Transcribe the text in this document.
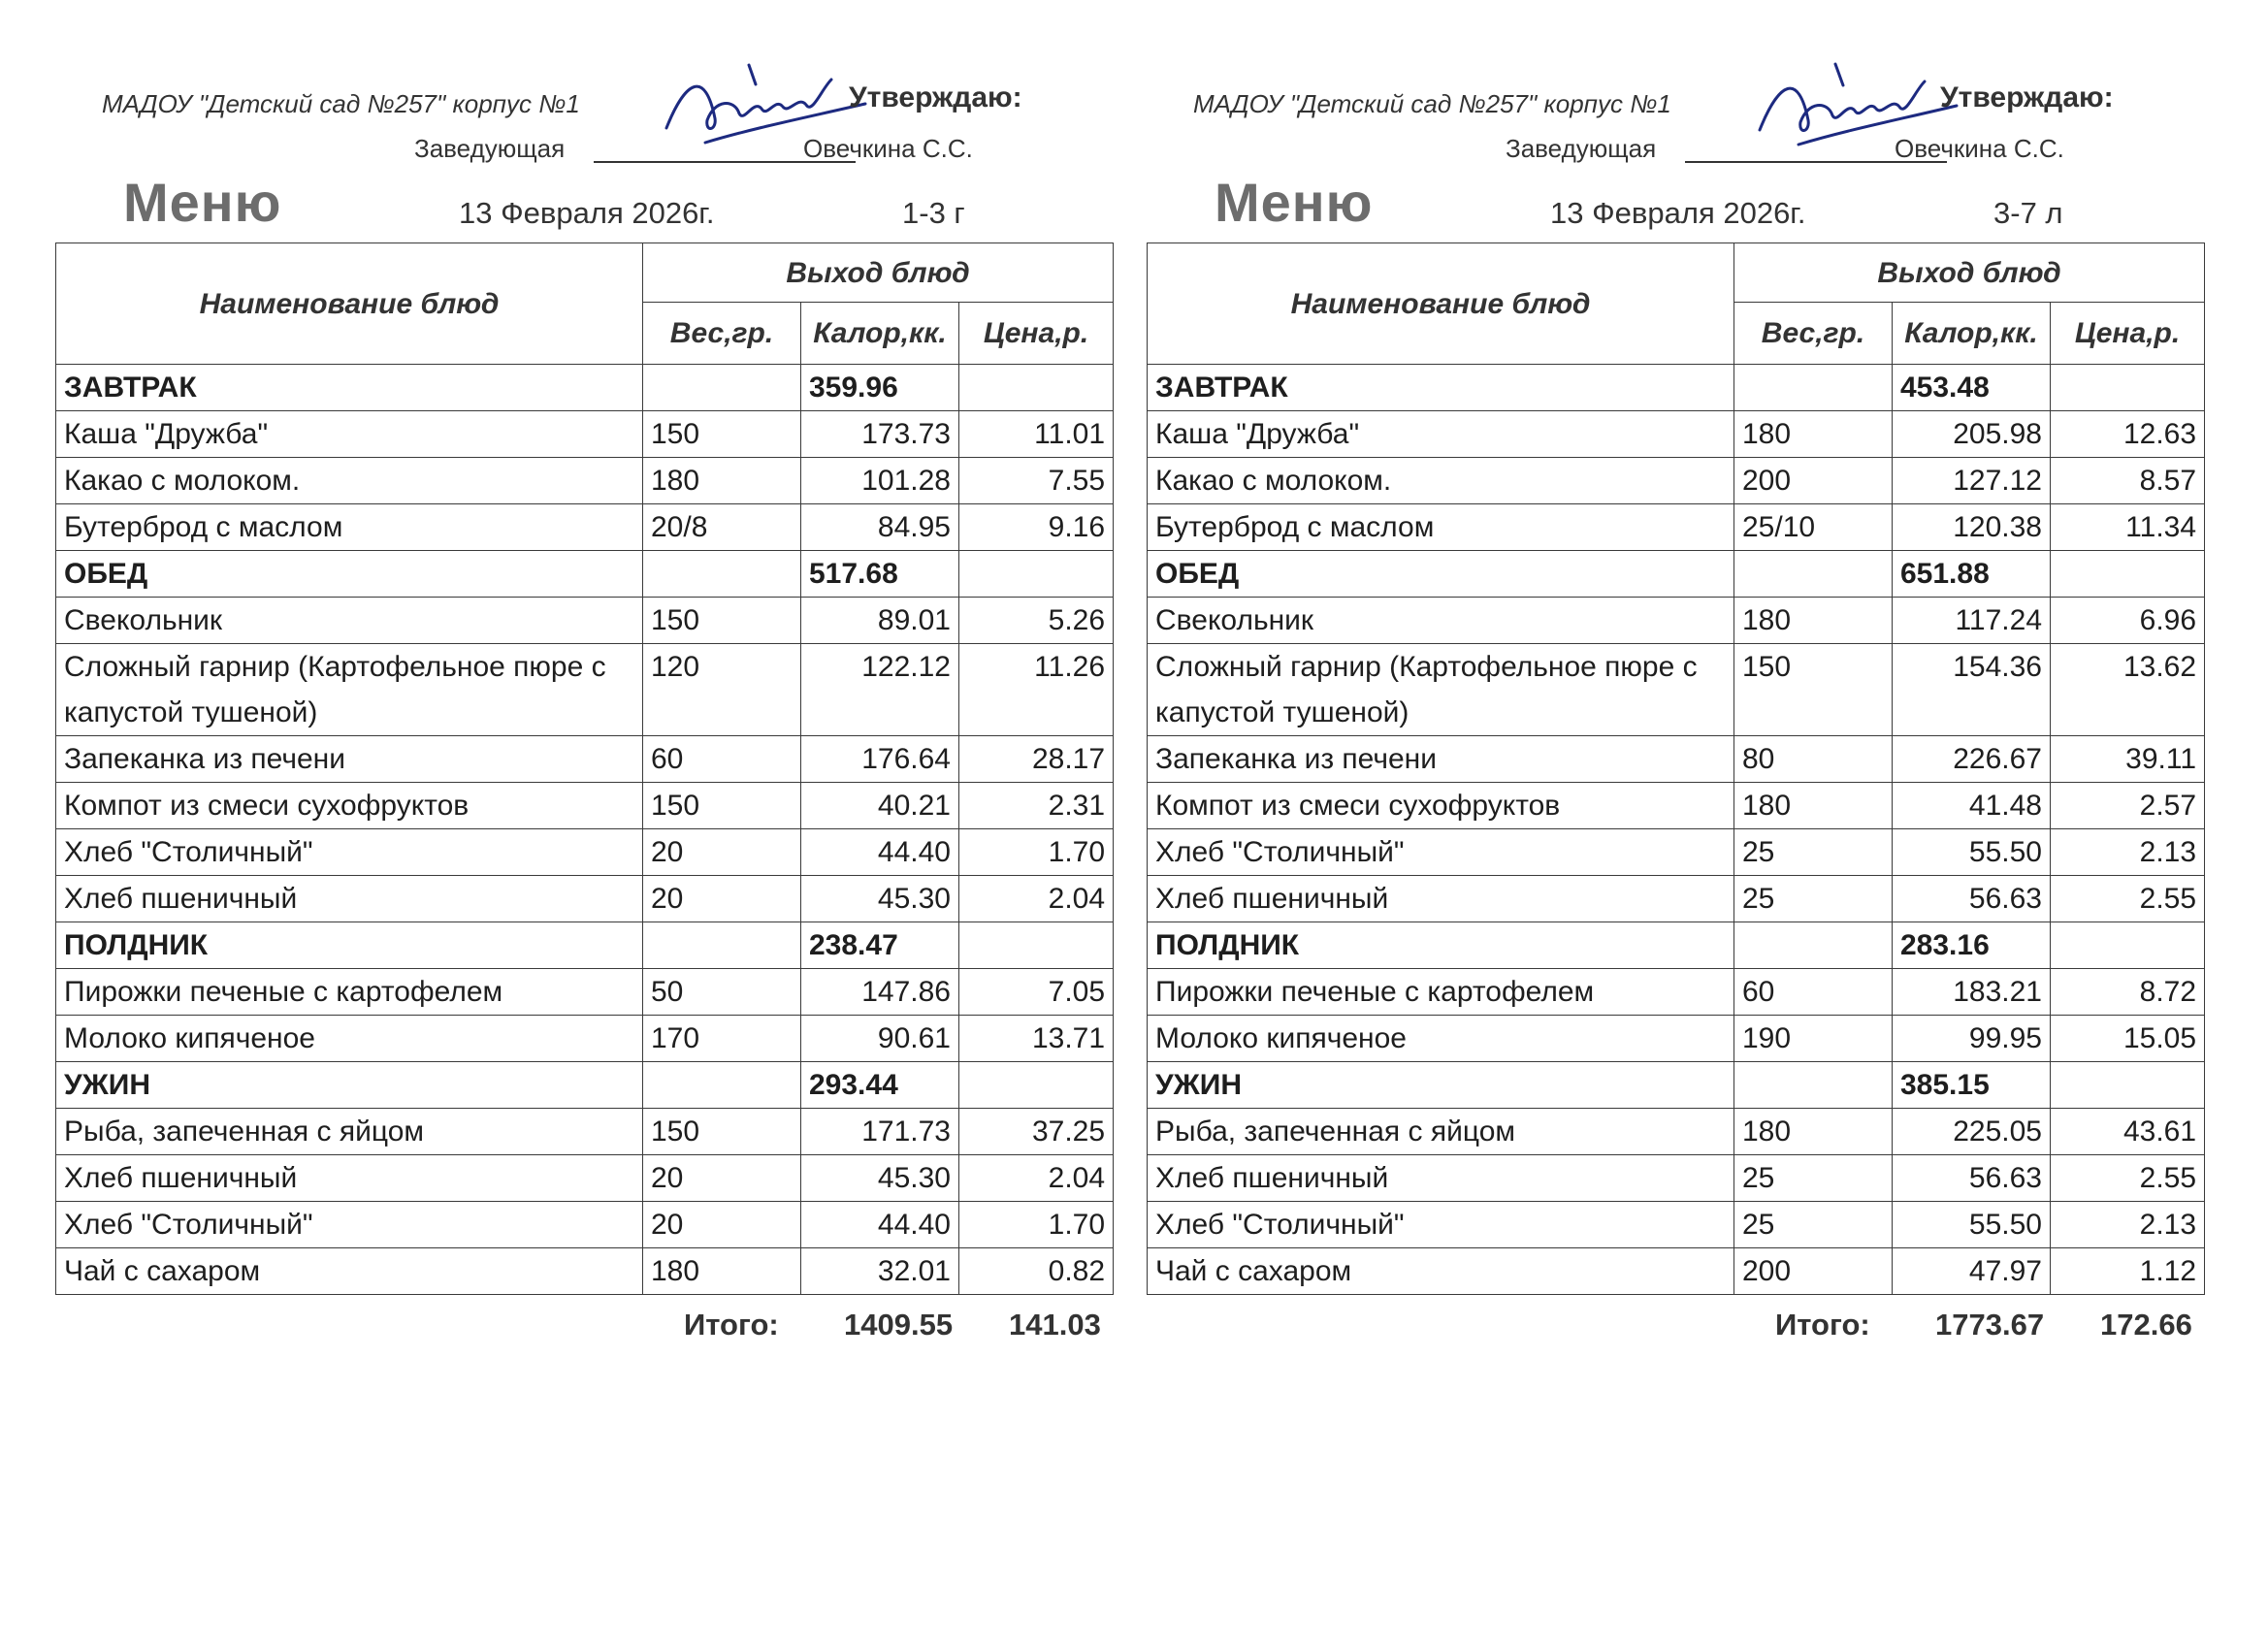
МАДОУ "Детский сад №257" корпус №1	Утверждаю:
Заведующая	Овечкина С.С.
Меню	13 Февраля 2026г.	1-3 г
Наименование блюд	Выход блюд		
	Вес,гр.	Калор,кк.	Цена,р.
ЗАВТРАК		359.96	
Каша "Дружба"	150	173.73	11.01
Какао с молоком.	180	101.28	7.55
Бутерброд с маслом	20/8	84.95	9.16
ОБЕД		517.68	
Свекольник	150	89.01	5.26
Сложный гарнир (Картофельное пюре с	120	122.12	11.26
капустой тушеной)			
Запеканка из печени	60	176.64	28.17
Компот из смеси сухофруктов	150	40.21	2.31
Хлеб "Столичный"	20	44.40	1.70
Хлеб пшеничный	20	45.30	2.04
ПОЛДНИК		238.47	
Пирожки печеные с картофелем	50	147.86	7.05
Молоко кипяченое	170	90.61	13.71
УЖИН		293.44	
Рыба, запеченная с яйцом	150	171.73	37.25
Хлеб пшеничный	20	45.30	2.04
Хлеб "Столичный"	20	44.40	1.70
Чай с сахаром	180	32.01	0.82
Итого: 1409.55 141.03
МАДОУ "Детский сад №257" корпус №1	Утверждаю:
Заведующая	Овечкина С.С.
Меню	13 Февраля 2026г.	3-7 л
Наименование блюд	Выход блюд		
	Вес,гр.	Калор,кк.	Цена,р.
ЗАВТРАК		453.48	
Каша "Дружба"	180	205.98	12.63
Какао с молоком.	200	127.12	8.57
Бутерброд с маслом	25/10	120.38	11.34
ОБЕД		651.88	
Свекольник	180	117.24	6.96
Сложный гарнир (Картофельное пюре с	150	154.36	13.62
капустой тушеной)			
Запеканка из печени	80	226.67	39.11
Компот из смеси сухофруктов	180	41.48	2.57
Хлеб "Столичный"	25	55.50	2.13
Хлеб пшеничный	25	56.63	2.55
ПОЛДНИК		283.16	
Пирожки печеные с картофелем	60	183.21	8.72
Молоко кипяченое	190	99.95	15.05
УЖИН		385.15	
Рыба, запеченная с яйцом	180	225.05	43.61
Хлеб пшеничный	25	56.63	2.55
Хлеб "Столичный"	25	55.50	2.13
Чай с сахаром	200	47.97	1.12
Итого: 1773.67 172.66
